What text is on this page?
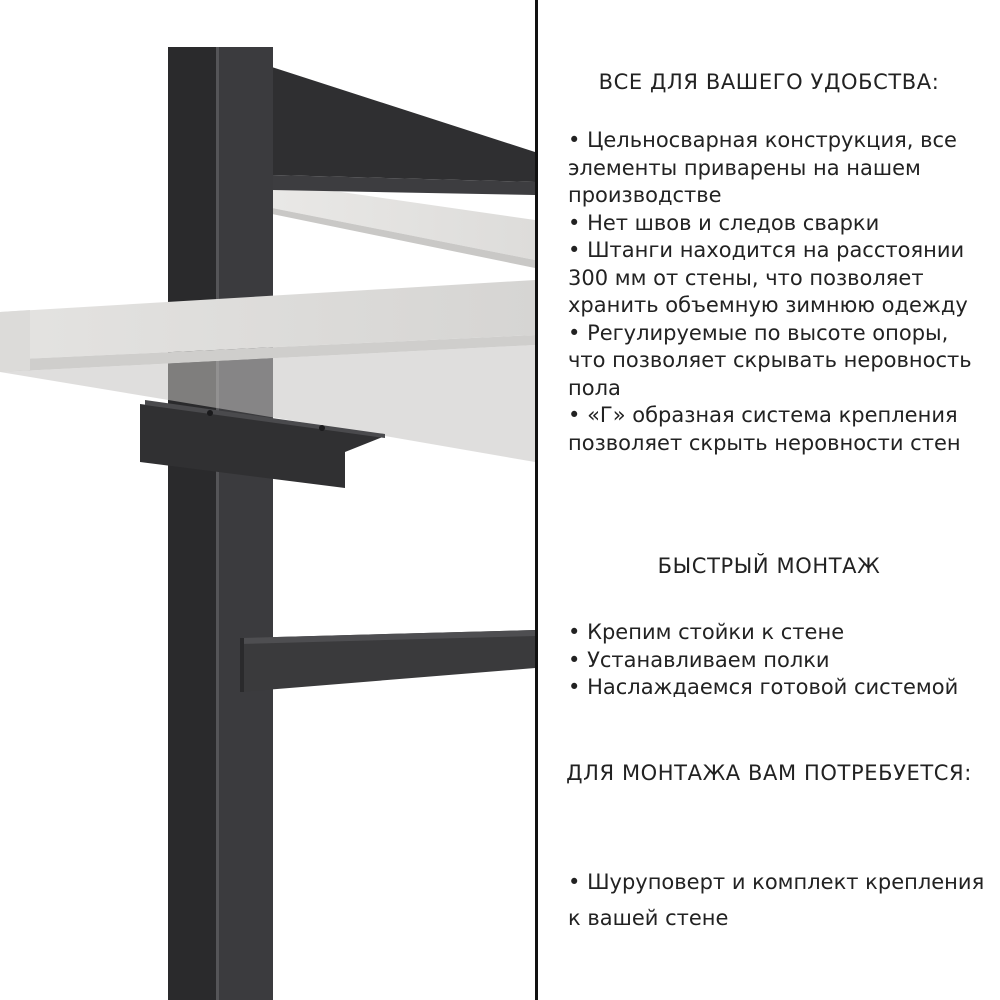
ВСЕ ДЛЯ ВАШЕГО УДОБСТВА:
• Цельносварная конструкция, все элементы приварены на нашем производстве
• Нет швов и следов сварки
• Штанги находится на расстоянии 300 мм от стены, что позволяет хранить объемную зимнюю одежду
• Регулируемые по высоте опоры, что позволяет скрывать неровность пола
• «Г» образная система крепления позволяет скрыть неровности стен
БЫСТРЫЙ МОНТАЖ
• Крепим стойки к стене
• Устанавливаем полки
• Наслаждаемся готовой системой
ДЛЯ МОНТАЖА ВАМ ПОТРЕБУЕТСЯ:
• Шуруповерт и комплект крепления к вашей стене
